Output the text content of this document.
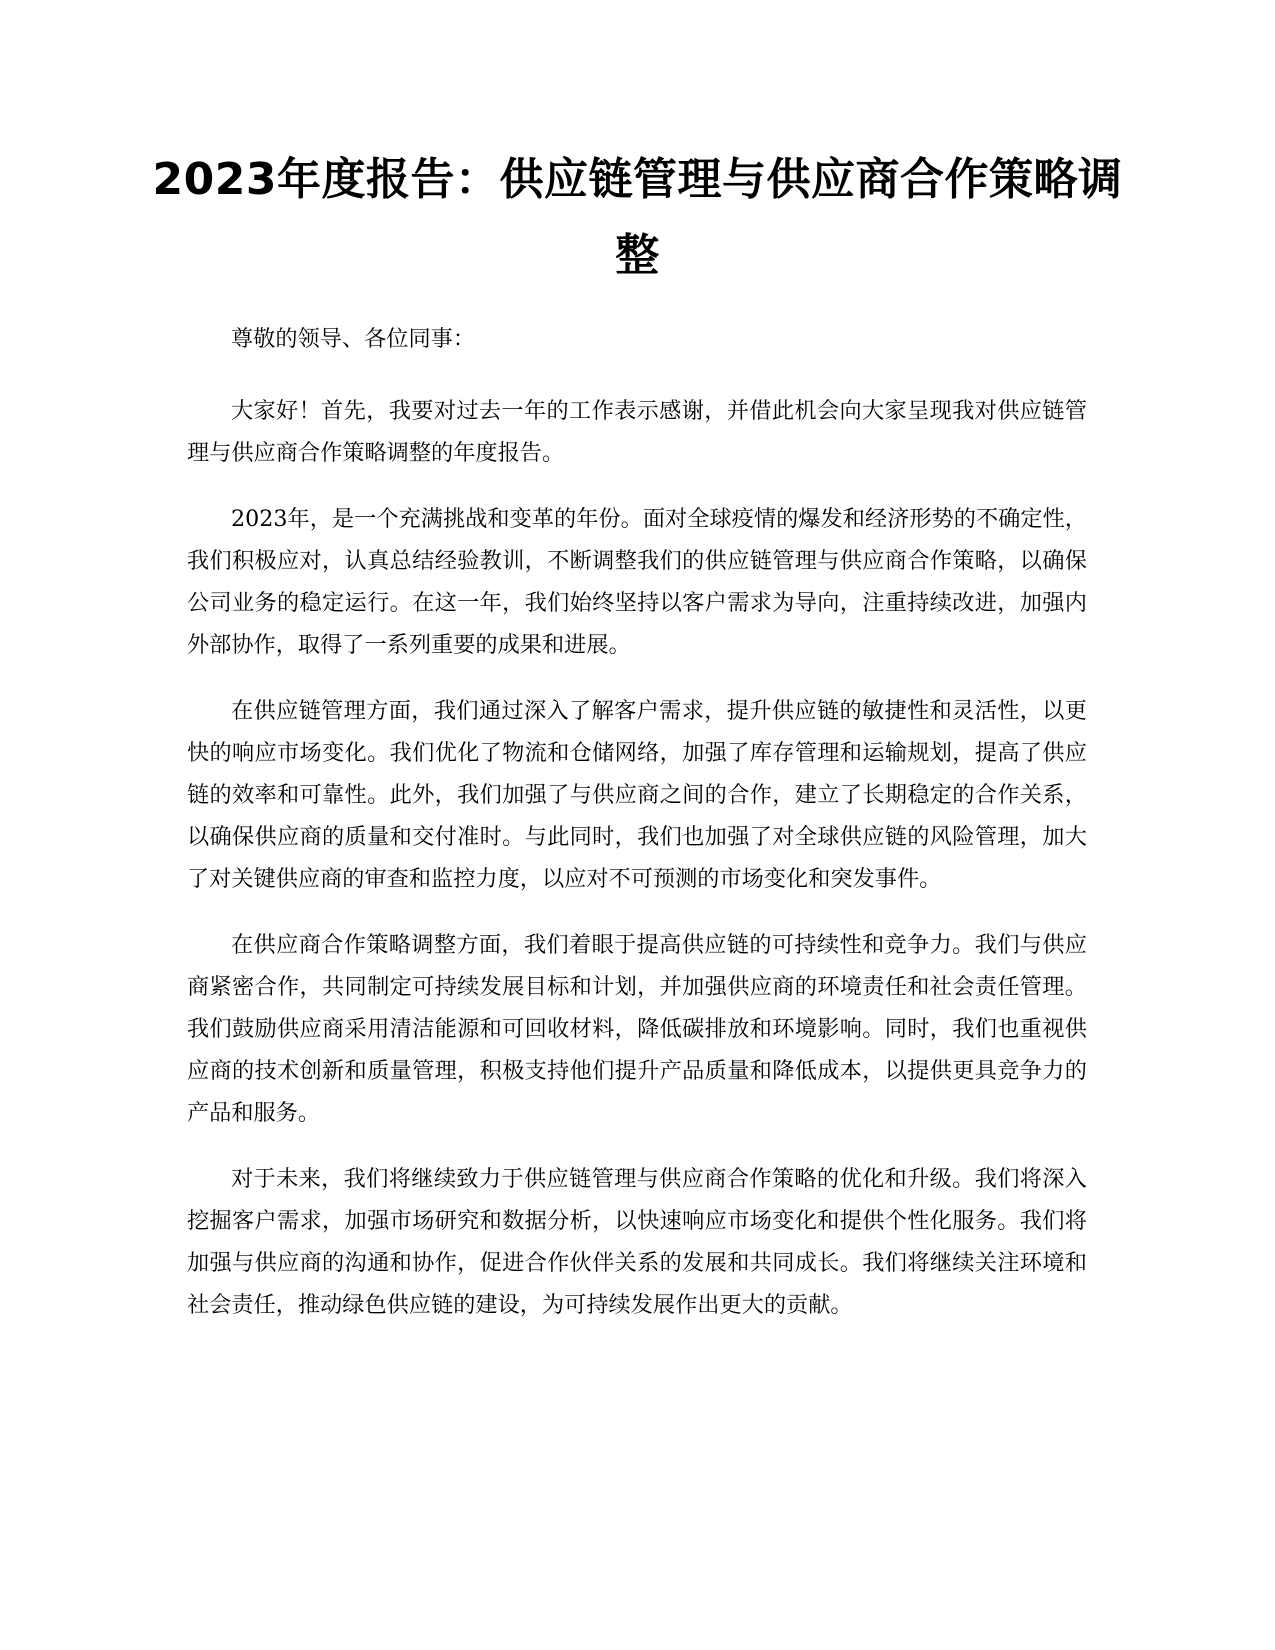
2023年度报告：供应链管理与供应商合作策略调整

尊敬的领导、各位同事：

大家好！首先，我要对过去一年的工作表示感谢，并借此机会向大家呈现我对供应链管理与供应商合作策略调整的年度报告。

2023年，是一个充满挑战和变革的年份。面对全球疫情的爆发和经济形势的不确定性，我们积极应对，认真总结经验教训，不断调整我们的供应链管理与供应商合作策略，以确保公司业务的稳定运行。在这一年，我们始终坚持以客户需求为导向，注重持续改进，加强内外部协作，取得了一系列重要的成果和进展。

在供应链管理方面，我们通过深入了解客户需求，提升供应链的敏捷性和灵活性，以更快的响应市场变化。我们优化了物流和仓储网络，加强了库存管理和运输规划，提高了供应链的效率和可靠性。此外，我们加强了与供应商之间的合作，建立了长期稳定的合作关系，以确保供应商的质量和交付准时。与此同时，我们也加强了对全球供应链的风险管理，加大了对关键供应商的审查和监控力度，以应对不可预测的市场变化和突发事件。

在供应商合作策略调整方面，我们着眼于提高供应链的可持续性和竞争力。我们与供应商紧密合作，共同制定可持续发展目标和计划，并加强供应商的环境责任和社会责任管理。我们鼓励供应商采用清洁能源和可回收材料，降低碳排放和环境影响。同时，我们也重视供应商的技术创新和质量管理，积极支持他们提升产品质量和降低成本，以提供更具竞争力的产品和服务。

对于未来，我们将继续致力于供应链管理与供应商合作策略的优化和升级。我们将深入挖掘客户需求，加强市场研究和数据分析，以快速响应市场变化和提供个性化服务。我们将加强与供应商的沟通和协作，促进合作伙伴关系的发展和共同成长。我们将继续关注环境和社会责任，推动绿色供应链的建设，为可持续发展作出更大的贡献。
